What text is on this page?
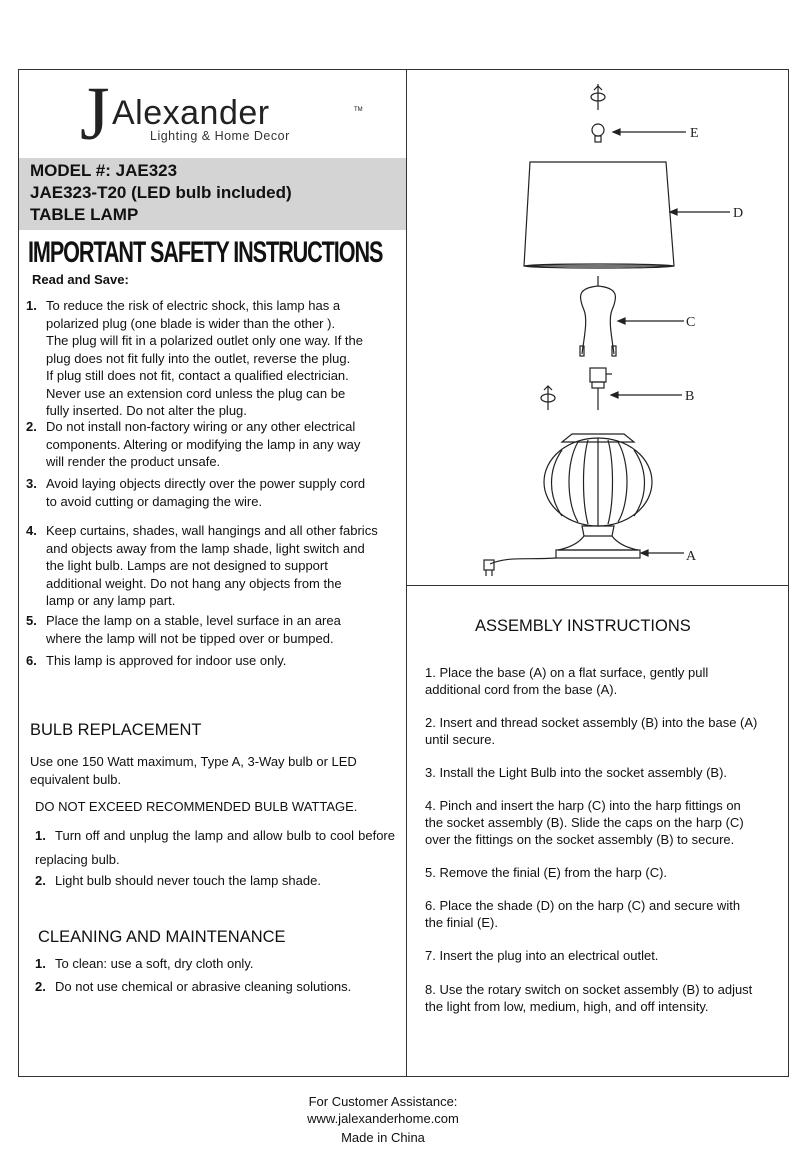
J Alexander	TM
Lighting & Home Decor
MODEL #: JAE323
JAE323-T20 (LED bulb included)
TABLE LAMP
IMPORTANT SAFETY INSTRUCTIONS
Read and Save:
1. To reduce the risk of electric shock, this lamp has a
polarized plug (one blade is wider than the other ).
The plug will fit in a polarized outlet only one way. If the
plug does not fit fully into the outlet, reverse the plug.
If plug still does not fit, contact a qualified electrician.
Never use an extension cord unless the plug can be
fully inserted. Do not alter the plug.
2. Do not install non-factory wiring or any other electrical
components. Altering or modifying the lamp in any way
will render the product unsafe.
3. Avoid laying objects directly over the power supply cord
to avoid cutting or damaging the wire.
4. Keep curtains, shades, wall hangings and all other fabrics
and objects away from the lamp shade, light switch and
the light bulb. Lamps are not designed to support
additional weight. Do not hang any objects from the
lamp or any lamp part.
5. Place the lamp on a stable, level surface in an area
where the lamp will not be tipped over or bumped.
6. This lamp is approved for indoor use only.
BULB REPLACEMENT
Use one 150 Watt maximum, Type A, 3-Way bulb or LED
equivalent bulb.
DO NOT EXCEED RECOMMENDED BULB WATTAGE.
1. Turn off and unplug the lamp and allow bulb to cool before replacing bulb.
2. Light bulb should never touch the lamp shade.
CLEANING AND MAINTENANCE
1. To clean: use a soft, dry cloth only.
2. Do not use chemical or abrasive cleaning solutions.
E
D
C
B
A
ASSEMBLY INSTRUCTIONS
1. Place the base (A) on a flat surface, gently pull
additional cord from the base (A).
2. Insert and thread socket assembly (B) into the base (A)
until secure.
3. Install the Light Bulb into the socket assembly (B).
4. Pinch and insert the harp (C) into the harp fittings on
the socket assembly (B). Slide the caps on the harp (C)
over the fittings on the socket assembly (B) to secure.
5. Remove the finial (E) from the harp (C).
6. Place the shade (D) on the harp (C) and secure with
the finial (E).
7. Insert the plug into an electrical outlet.
8. Use the rotary switch on socket assembly (B) to adjust
the light from low, medium, high, and off intensity.
For Customer Assistance:
www.jalexanderhome.com
Made in China
